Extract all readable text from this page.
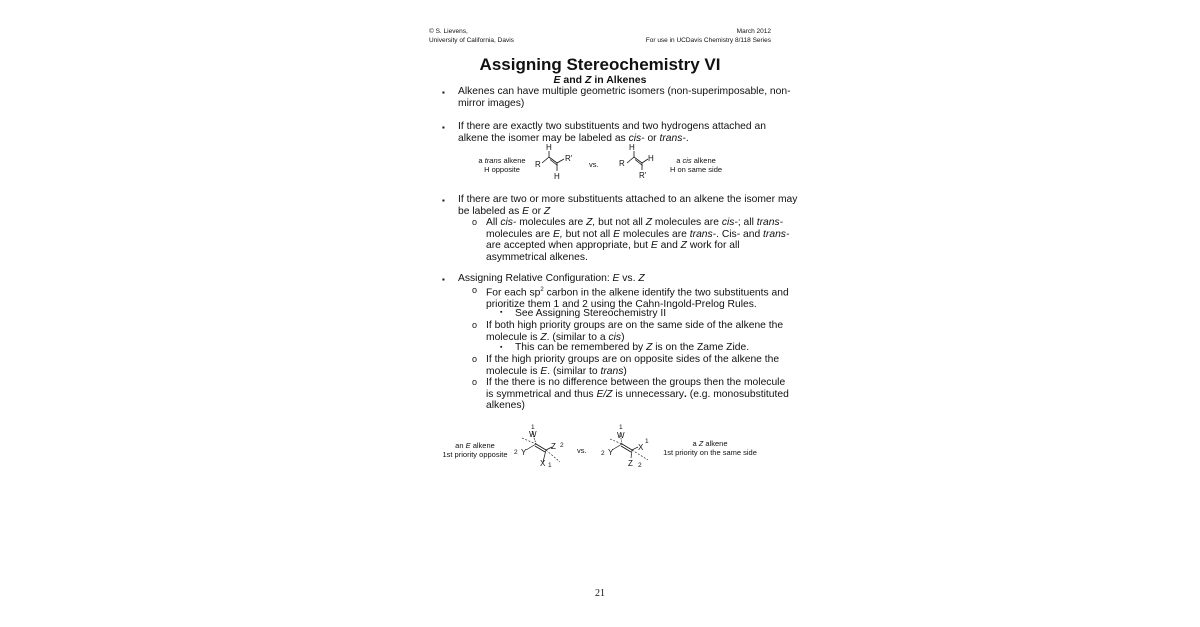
© S. Lievens,
University of California, Davis
March 2012
For use in UCDavis Chemistry 8/118 Series
Assigning Stereochemistry VI
E and Z in Alkenes
▪ Alkenes can have multiple geometric isomers (non-superimposable, non-
mirror images)
▪ If there are exactly two substituents and two hydrogens attached an
alkene the isomer may be labeled as cis- or trans-.
a trans alkene
H opposite
H
R
R'
H
vs.
H
R
H
R'
a cis alkene
H on same side
▪ If there are two or more substituents attached to an alkene the isomer may
be labeled as E or Z
o All cis- molecules are Z, but not all Z molecules are cis-; all trans-
molecules are E, but not all E molecules are trans-. Cis- and trans-
are accepted when appropriate, but E and Z work for all
asymmetrical alkenes.
▪ Assigning Relative Configuration: E vs. Z
o For each $sp^2$ carbon in the alkene identify the two substituents and
prioritize them 1 and 2 using the Cahn-Ingold-Prelog Rules.
▪ See Assigning Stereochemistry II
o If both high priority groups are on the same side of the alkene the
molecule is Z. (similar to a cis)
▪ This can be remembered by Z is on the Zame Zide.
o If the high priority groups are on opposite sides of the alkene the
molecule is E. (similar to trans)
o If the there is no difference between the groups then the molecule
is symmetrical and thus E/Z is unnecessary. (e.g. monosubstituted
alkenes)
an E alkene
1st priority opposite
1
W
2 Y
Z 2
X 1
vs.
1
W
2 Y
X
1
Z 2
a Z alkene
1st priority on the same side
21
